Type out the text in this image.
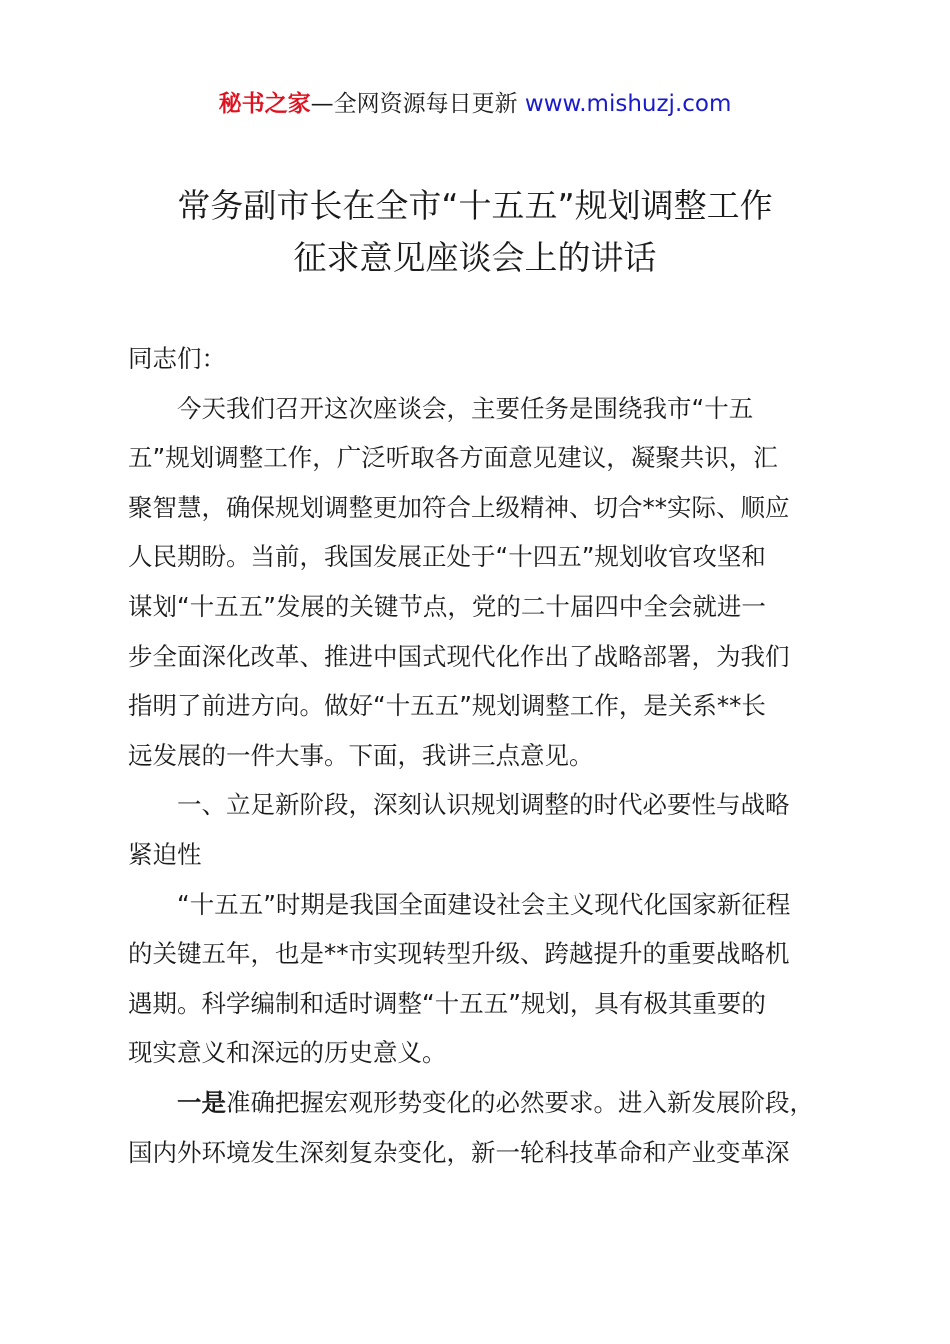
秘书之家—全网资源每日更新 www.mishuzj.com
常务副市长在全市“十五五”规划调整工作
征求意见座谈会上的讲话
同志们：
今天我们召开这次座谈会，主要任务是围绕我市“十五
五”规划调整工作，广泛听取各方面意见建议，凝聚共识，汇
聚智慧，确保规划调整更加符合上级精神、切合**实际、顺应
人民期盼。当前，我国发展正处于“十四五”规划收官攻坚和
谋划“十五五”发展的关键节点，党的二十届四中全会就进一
步全面深化改革、推进中国式现代化作出了战略部署，为我们
指明了前进方向。做好“十五五”规划调整工作，是关系**长
远发展的一件大事。下面，我讲三点意见。
一、立足新阶段，深刻认识规划调整的时代必要性与战略
紧迫性
“十五五”时期是我国全面建设社会主义现代化国家新征程
的关键五年，也是**市实现转型升级、跨越提升的重要战略机
遇期。科学编制和适时调整“十五五”规划，具有极其重要的
现实意义和深远的历史意义。
一是准确把握宏观形势变化的必然要求。进入新发展阶段，
国内外环境发生深刻复杂变化，新一轮科技革命和产业变革深
